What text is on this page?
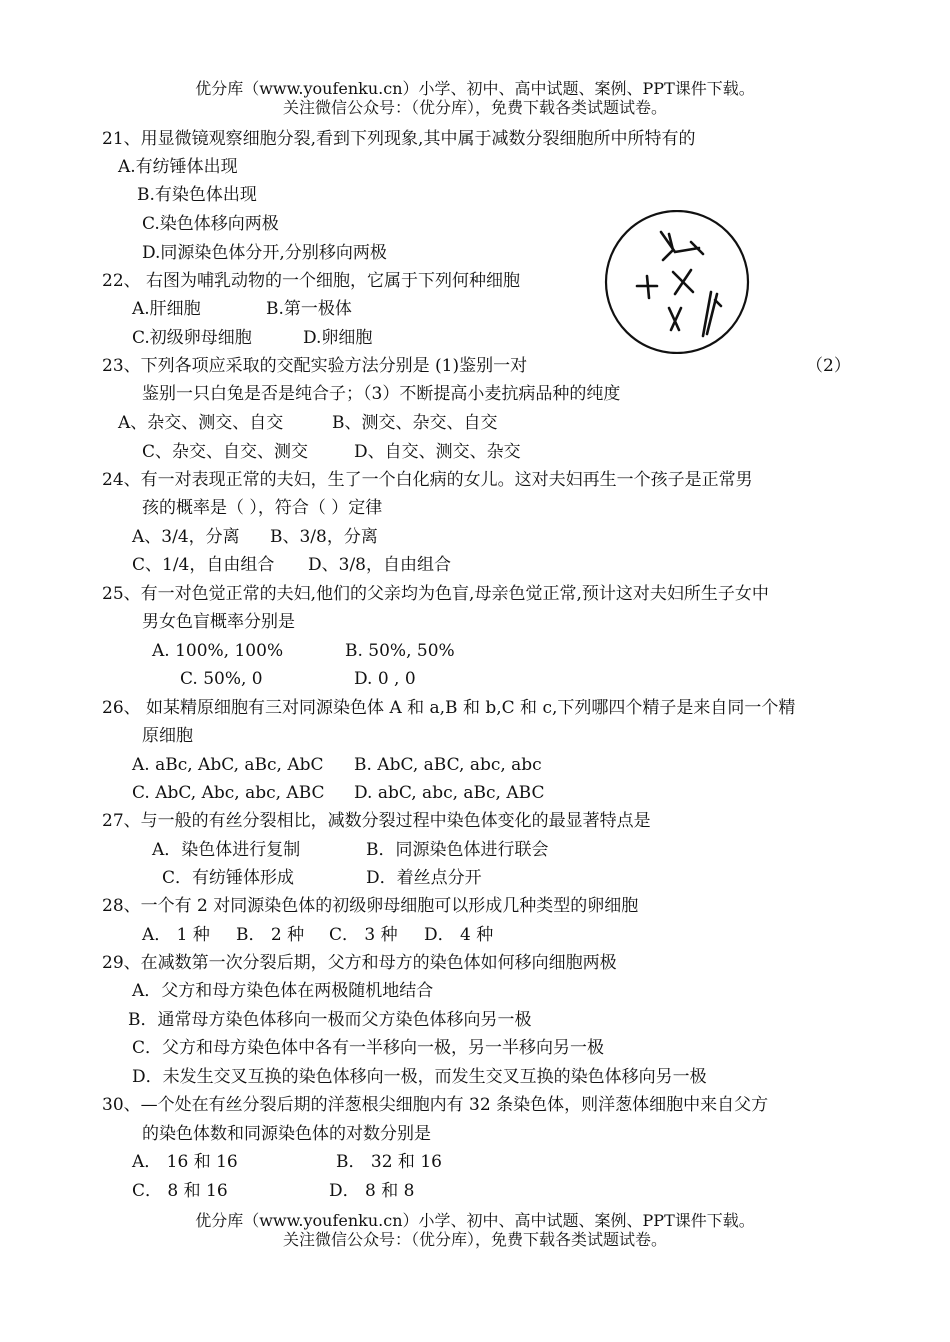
优分库（www.youfenku.cn）小学、初中、高中试题、案例、PPT课件下载。
关注微信公众号：（优分库），免费下载各类试题试卷。
21、用显微镜观察细胞分裂,看到下列现象,其中属于减数分裂细胞所中所特有的
A.有纺锤体出现
B.有染色体出现
C.染色体移向两极
D.同源染色体分开,分别移向两极
22、 右图为哺乳动物的一个细胞，它属于下列何种细胞
A.肝细胞	B.第一极体
C.初级卵母细胞	D.卵细胞
23、下列各项应采取的交配实验方法分别是 (1)鉴别一对	（2）
鉴别一只白兔是否是纯合子；（3）不断提高小麦抗病品种的纯度
A、杂交、测交、自交	B、测交、杂交、自交
C、杂交、自交、测交	D、自交、测交、杂交
24、有一对表现正常的夫妇，生了一个白化病的女儿。这对夫妇再生一个孩子是正常男
孩的概率是（ ），符合（ ）定律
A、3/4，分离 B、3/8，分离
C、1/4，自由组合 D、3/8，自由组合
25、有一对色觉正常的夫妇,他们的父亲均为色盲,母亲色觉正常,预计这对夫妇所生子女中
男女色盲概率分别是
A. 100%, 100%	B. 50%, 50%
C. 50%, 0	D. 0 , 0
26、 如某精原细胞有三对同源染色体 A 和 a,B 和 b,C 和 c,下列哪四个精子是来自同一个精
原细胞
A. aBc, AbC, aBc, AbC B. AbC, aBC, abc, abc
C. AbC, Abc, abc, ABC D. abC, abc, aBc, ABC
27、与一般的有丝分裂相比，减数分裂过程中染色体变化的最显著特点是
A．染色体进行复制	B．同源染色体进行联会
C．有纺锤体形成	D．着丝点分开
28、一个有 2 对同源染色体的初级卵母细胞可以形成几种类型的卵细胞
A． 1 种 B． 2 种 C． 3 种 D． 4 种
29、在减数第一次分裂后期，父方和母方的染色体如何移向细胞两极
A．父方和母方染色体在两极随机地结合
B．通常母方染色体移向一极而父方染色体移向另一极
C．父方和母方染色体中各有一半移向一极，另一半移向另一极
D．未发生交叉互换的染色体移向一极，而发生交叉互换的染色体移向另一极
30、—个处在有丝分裂后期的洋葱根尖细胞内有 32 条染色体，则洋葱体细胞中来自父方
的染色体数和同源染色体的对数分别是
A． 16 和 16	B． 32 和 16
C． 8 和 16	D． 8 和 8
优分库（www.youfenku.cn）小学、初中、高中试题、案例、PPT课件下载。
关注微信公众号：（优分库），免费下载各类试题试卷。
